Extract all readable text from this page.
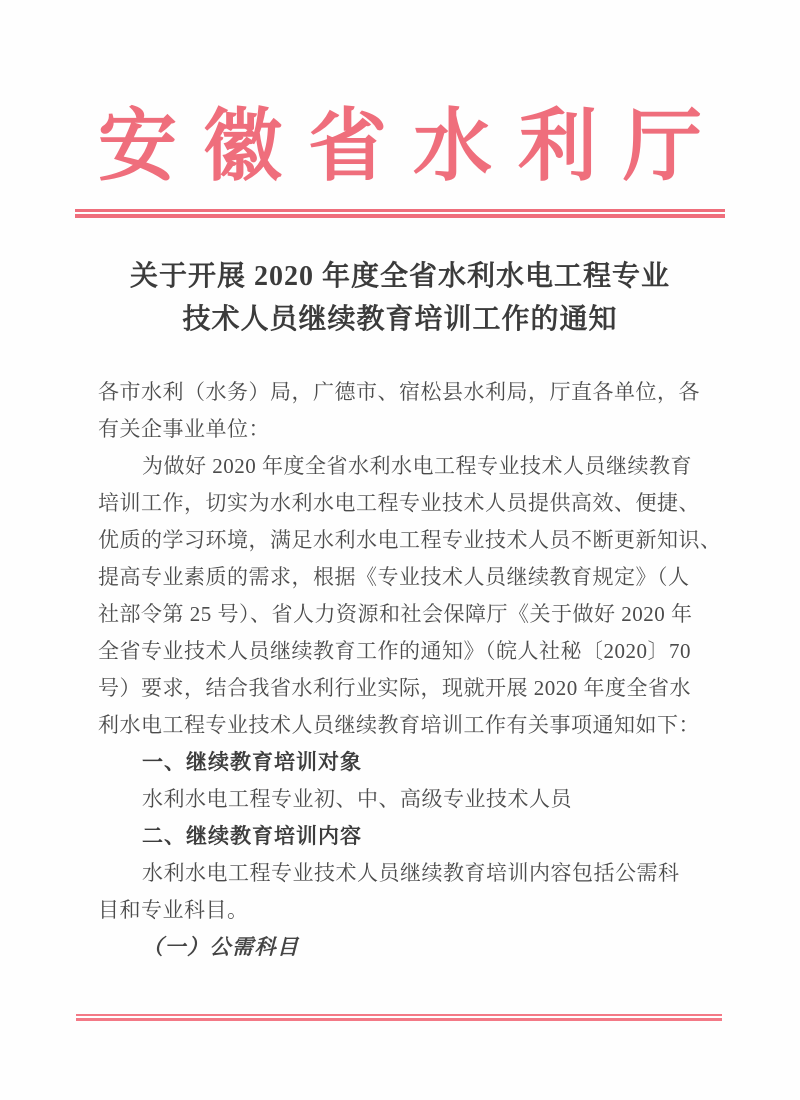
安徽省水利厅
关于开展 2020 年度全省水利水电工程专业
技术人员继续教育培训工作的通知
各市水利（水务）局，广德市、宿松县水利局，厅直各单位，各
有关企事业单位：
为做好 2020 年度全省水利水电工程专业技术人员继续教育
培训工作，切实为水利水电工程专业技术人员提供高效、便捷、
优质的学习环境，满足水利水电工程专业技术人员不断更新知识、
提高专业素质的需求，根据《专业技术人员继续教育规定》（人
社部令第 25 号）、省人力资源和社会保障厅《关于做好 2020 年
全省专业技术人员继续教育工作的通知》（皖人社秘〔2020〕70
号）要求，结合我省水利行业实际，现就开展 2020 年度全省水
利水电工程专业技术人员继续教育培训工作有关事项通知如下：
一、继续教育培训对象
水利水电工程专业初、中、高级专业技术人员
二、继续教育培训内容
水利水电工程专业技术人员继续教育培训内容包括公需科
目和专业科目。
（一）公需科目
